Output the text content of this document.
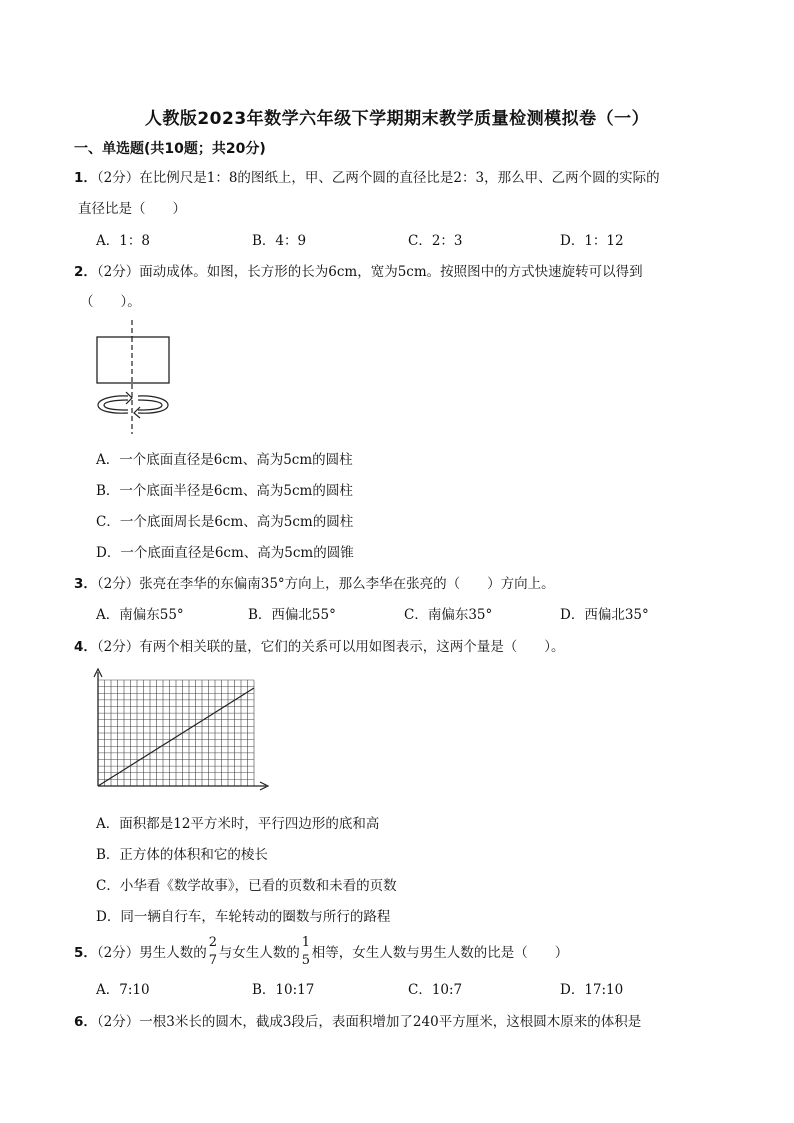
人教版2023年数学六年级下学期期末教学质量检测模拟卷（一）
一、单选题(共10题；共20分)
1．（2分）在比例尺是1：8的图纸上，甲、乙两个圆的直径比是2：3，那么甲、乙两个圆的实际的
直径比是（　　）
A．1：8	B．4：9	C．2：3	D．1：12
2．（2分）面动成体。如图，长方形的长为6cm，宽为5cm。按照图中的方式快速旋转可以得到
（　　）。
A．一个底面直径是6cm、高为5cm的圆柱
B．一个底面半径是6cm、高为5cm的圆柱
C．一个底面周长是6cm、高为5cm的圆柱
D．一个底面直径是6cm、高为5cm的圆锥
3．（2分）张亮在李华的东偏南35°方向上，那么李华在张亮的（　　）方向上。
A．南偏东55°	B．西偏北55°	C．南偏东35°	D．西偏北35°
4．（2分）有两个相关联的量，它们的关系可以用如图表示，这两个量是（　　）。
A．面积都是12平方米时，平行四边形的底和高
B．正方体的体积和它的棱长
C．小华看《数学故事》，已看的页数和未看的页数
D．同一辆自行车，车轮转动的圈数与所行的路程
5．（2分）男生人数的
2
7 与女生人数的
1
5 相等，女生人数与男生人数的比是（　　）
A．7:10	B．10:17	C．10:7	D．17:10
6．（2分）一根3米长的圆木，截成3段后，表面积增加了240平方厘米，这根圆木原来的体积是
